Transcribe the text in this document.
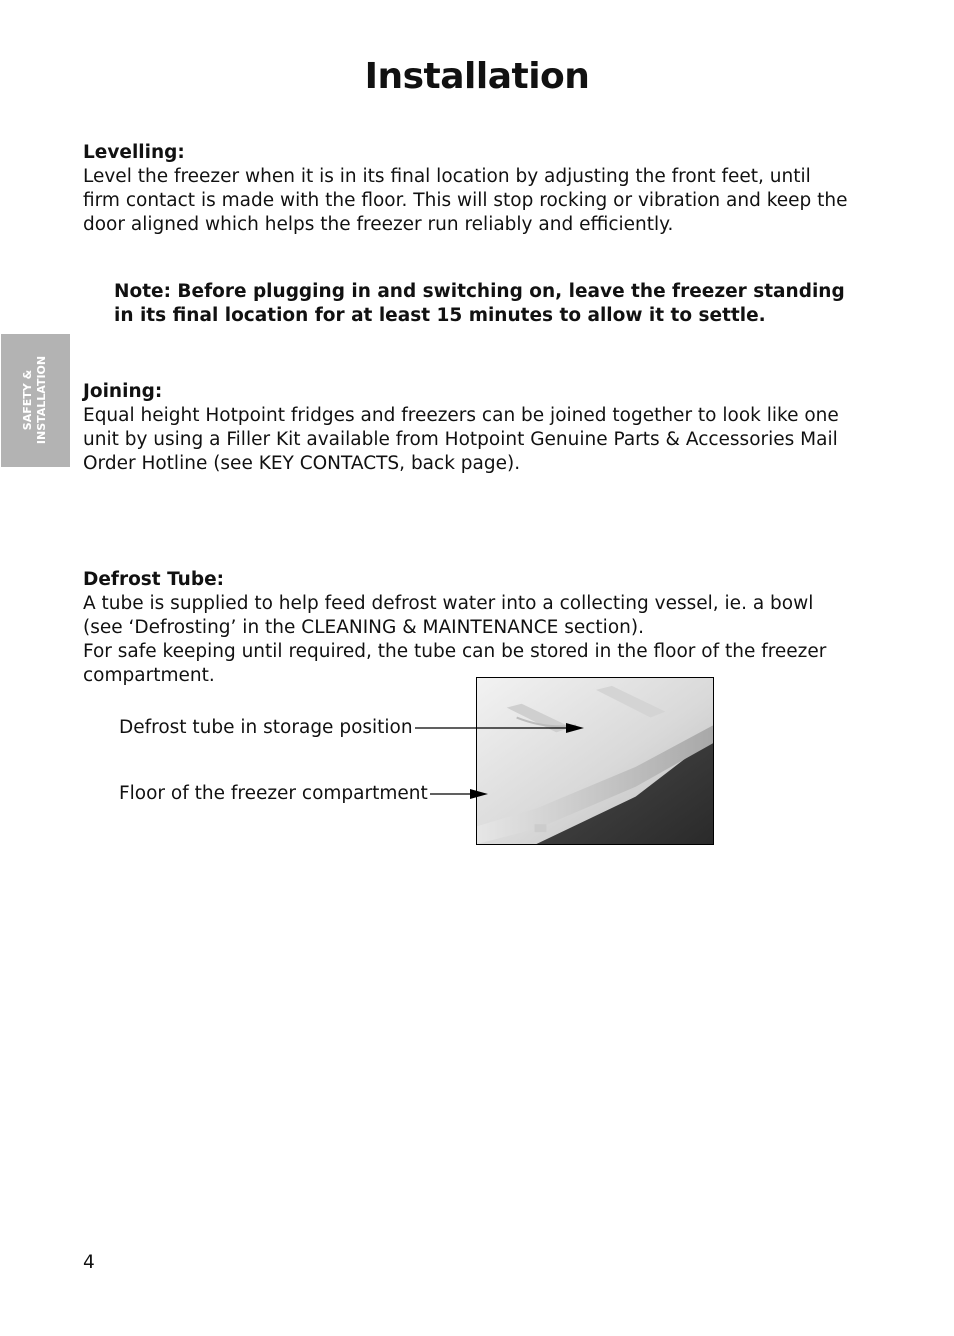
Installation
SAFETY & INSTALLATION
Levelling:

Level the freezer when it is in its final location by adjusting the front feet, until firm contact is made with the floor. This will stop rocking or vibration and keep the door aligned which helps the freezer run reliably and efficiently.

Note: Before plugging in and switching on, leave the freezer standing in its final location for at least 15 minutes to allow it to settle.

Joining:

Equal height Hotpoint fridges and freezers can be joined together to look like one unit by using a Filler Kit available from Hotpoint Genuine Parts & Accessories Mail Order Hotline (see KEY CONTACTS, back page).

Defrost Tube:

A tube is supplied to help feed defrost water into a collecting vessel, ie. a bowl (see ‘Defrosting’ in the CLEANING & MAINTENANCE section).

For safe keeping until required, the tube can be stored in the floor of the freezer compartment.

Defrost tube in storage position
Floor of the freezer compartment
4
